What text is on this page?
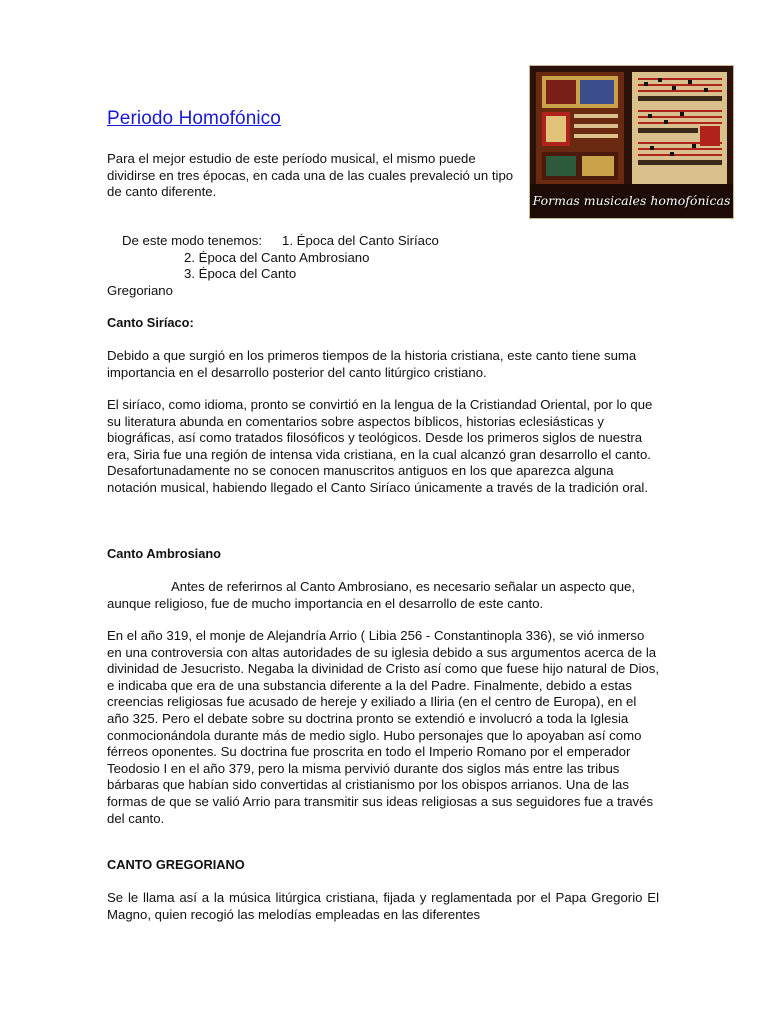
Periodo Homofónico

Para el mejor estudio de este período musical, el mismo puede dividirse en tres épocas, en cada una de las cuales prevaleció un tipo de canto diferente.

Formas musicales homofónicas
De este modo tenemos: 1. Época del Canto Siríaco
2. Época del Canto Ambrosiano
3. Época del Canto
Gregoriano

Canto Siríaco:

Debido a que surgió en los primeros tiempos de la historia cristiana, este canto tiene suma importancia en el desarrollo posterior del canto litúrgico cristiano.

El siríaco, como idioma, pronto se convirtió en la lengua de la Cristiandad Oriental, por lo que su literatura abunda en comentarios sobre aspectos bíblicos, historias eclesiásticas y biográficas, así como tratados filosóficos y teológicos. Desde los primeros siglos de nuestra era, Siria fue una región de intensa vida cristiana, en la cual alcanzó gran desarrollo el canto. Desafortunadamente no se conocen manuscritos antiguos en los que aparezca alguna notación musical, habiendo llegado el Canto Siríaco únicamente a través de la tradición oral.

Canto Ambrosiano

Antes de referirnos al Canto Ambrosiano, es necesario señalar un aspecto que, aunque religioso, fue de mucho importancia en el desarrollo de este canto.

En el año 319, el monje de Alejandría Arrio ( Libia 256 - Constantinopla 336), se vió inmerso en una controversia con altas autoridades de su iglesia debido a sus argumentos acerca de la divinidad de Jesucristo. Negaba la divinidad de Cristo así como que fuese hijo natural de Dios, e indicaba que era de una substancia diferente a la del Padre. Finalmente, debido a estas creencias religiosas fue acusado de hereje y exiliado a Iliria (en el centro de Europa), en el año 325. Pero el debate sobre su doctrina pronto se extendió e involucró a toda la Iglesia conmocionándola durante más de medio siglo. Hubo personajes que lo apoyaban así como férreos oponentes. Su doctrina fue proscrita en todo el Imperio Romano por el emperador Teodosio I en el año 379, pero la misma pervivió durante dos siglos más entre las tribus bárbaras que habían sido convertidas al cristianismo por los obispos arrianos. Una de las formas de que se valió Arrio para transmitir sus ideas religiosas a sus seguidores fue a través del canto.

CANTO GREGORIANO

Se le llama así a la música litúrgica cristiana, fijada y reglamentada por el Papa Gregorio El Magno, quien recogió las melodías empleadas en las diferentes
